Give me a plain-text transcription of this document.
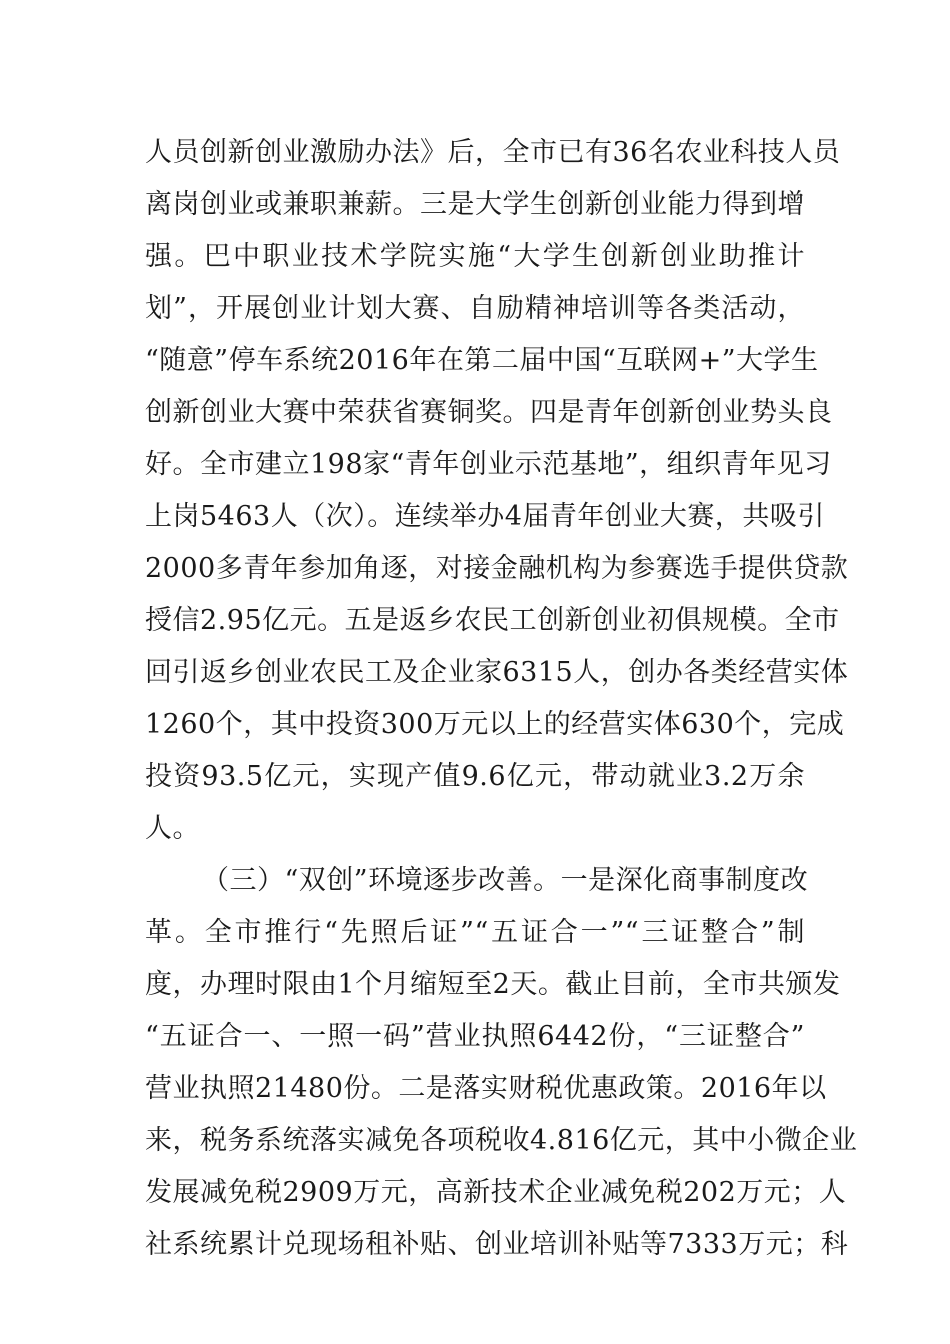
人员创新创业激励办法》后，全市已有36名农业科技人员
离岗创业或兼职兼薪。三是大学生创新创业能力得到增
强。巴中职业技术学院实施“大学生创新创业助推计
划”，开展创业计划大赛、自励精神培训等各类活动，
“随意”停车系统2016年在第二届中国“互联网+”大学生
创新创业大赛中荣获省赛铜奖。四是青年创新创业势头良
好。全市建立198家“青年创业示范基地”，组织青年见习
上岗5463人（次）。连续举办4届青年创业大赛，共吸引
2000多青年参加角逐，对接金融机构为参赛选手提供贷款
授信2.95亿元。五是返乡农民工创新创业初俱规模。全市
回引返乡创业农民工及企业家6315人，创办各类经营实体
1260个，其中投资300万元以上的经营实体630个，完成
投资93.5亿元，实现产值9.6亿元，带动就业3.2万余
人。
（三）“双创”环境逐步改善。一是深化商事制度改
革。全市推行“先照后证”“五证合一”“三证整合”制
度，办理时限由1个月缩短至2天。截止目前，全市共颁发
“五证合一、一照一码”营业执照6442份，“三证整合”
营业执照21480份。二是落实财税优惠政策。2016年以
来，税务系统落实减免各项税收4.816亿元，其中小微企业
发展减免税2909万元，高新技术企业减免税202万元；人
社系统累计兑现场租补贴、创业培训补贴等7333万元；科
